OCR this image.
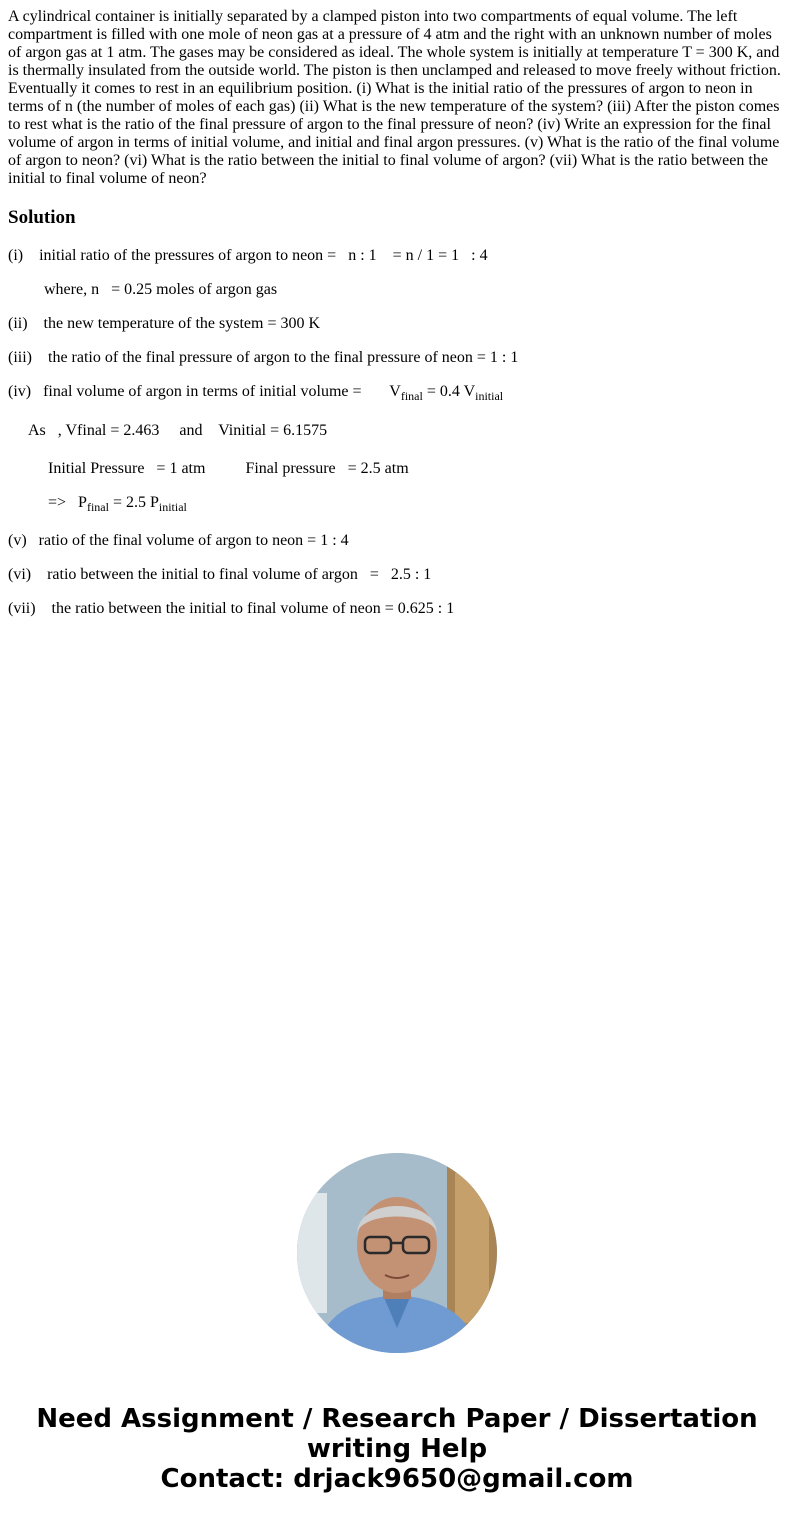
A cylindrical container is initially separated by a clamped piston into two compartments of equal volume. The left compartment is filled with one mole of neon gas at a pressure of 4 atm and the right with an unknown number of moles of argon gas at 1 atm. The gases may be considered as ideal. The whole system is initially at temperature T = 300 K, and is thermally insulated from the outside world. The piston is then unclamped and released to move freely without friction. Eventually it comes to rest in an equilibrium position. (i) What is the initial ratio of the pressures of argon to neon in terms of n (the number of moles of each gas) (ii) What is the new temperature of the system? (iii) After the piston comes to rest what is the ratio of the final pressure of argon to the final pressure of neon? (iv) Write an expression for the final volume of argon in terms of initial volume, and initial and final argon pressures. (v) What is the ratio of the final volume of argon to neon? (vi) What is the ratio between the initial to final volume of argon? (vii) What is the ratio between the initial to final volume of neon?

Solution
(i)    initial ratio of the pressures of argon to neon =   n : 1    = n / 1 = 1   : 4
where, n   = 0.25 moles of argon gas
(ii)    the new temperature of the system = 300 K
(iii)    the ratio of the final pressure of argon to the final pressure of neon = 1 : 1
(iv)   final volume of argon in terms of initial volume =       $V_{final} = 0.4$ $V_{initial}$
As   , Vfinal = 2.463     and    Vinitial = 6.1575
Initial Pressure   = 1 atm          Final pressure   = 2.5 atm
=>   $P_{final} = 2.5$ $P_{initial}$
(v)   ratio of the final volume of argon to neon = 1 : 4
(vi)    ratio between the initial to final volume of argon   =   2.5 : 1
(vii)    the ratio between the initial to final volume of neon = 0.625 : 1
Need Assignment / Research Paper / Dissertation
writing Help
Contact: drjack9650@gmail.com
